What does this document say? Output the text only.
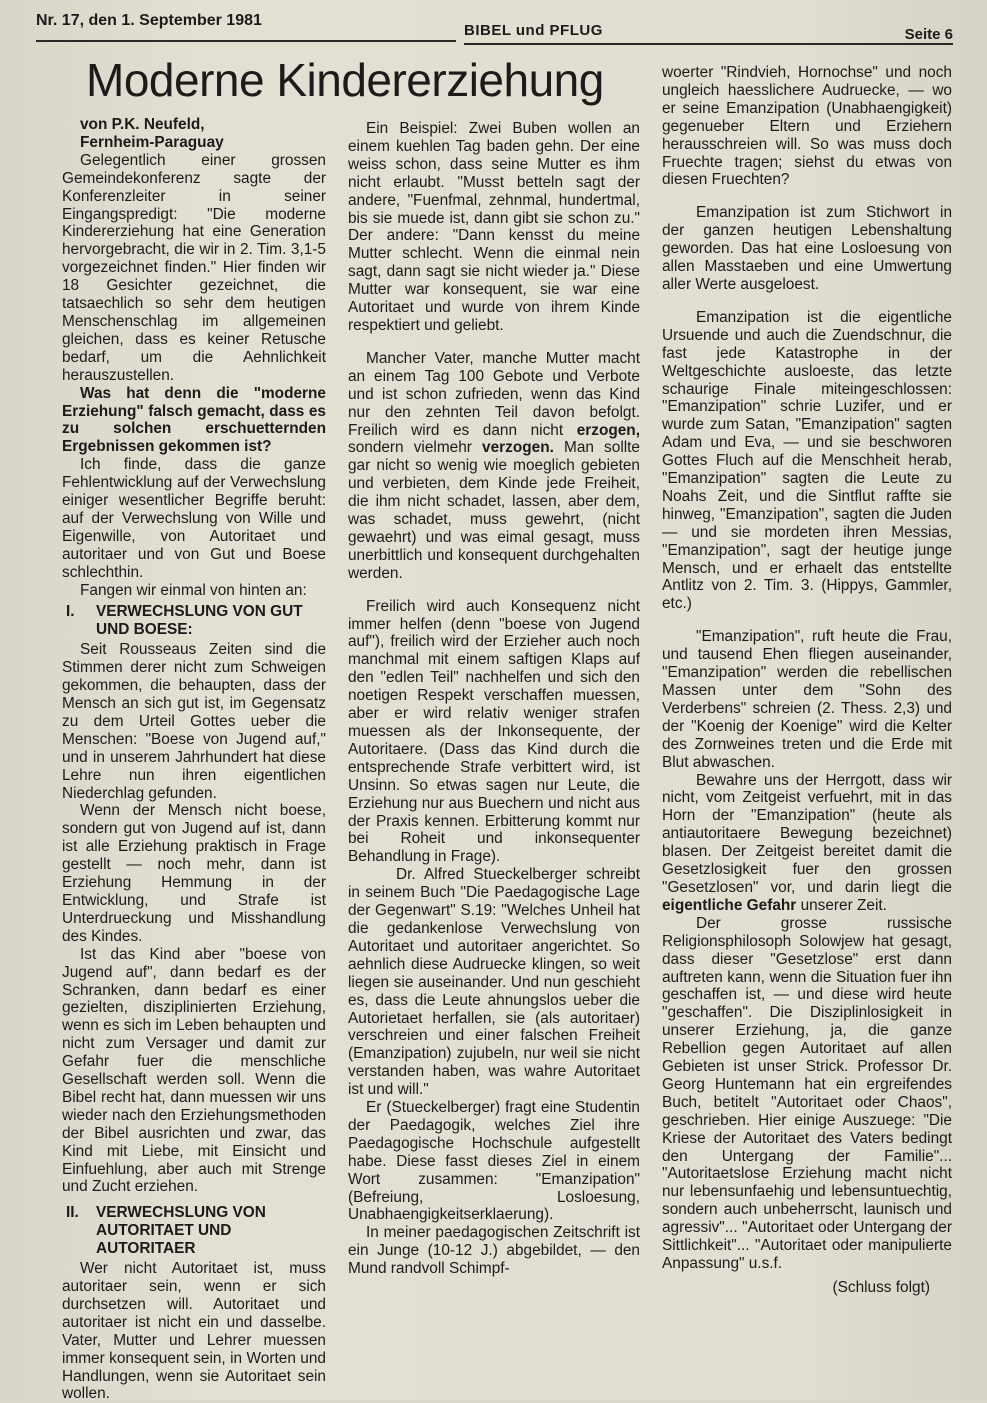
Nr. 17, den 1. September 1981
BIBEL und PFLUG	Seite 6
Moderne Kindererziehung

von P.K. Neufeld,

Fernheim-Paraguay

Gelegentlich einer grossen Gemeindekonferenz sagte der Konferenzleiter in seiner Eingangspredigt: "Die moderne Kindererziehung hat eine Generation hervorgebracht, die wir in 2. Tim. 3,1-5 vorgezeichnet finden." Hier finden wir 18 Gesichter gezeichnet, die tatsaechlich so sehr dem heutigen Menschenschlag im allgemeinen gleichen, dass es keiner Retusche bedarf, um die Aehnlichkeit herauszustellen.

Was hat denn die "moderne Erziehung" falsch gemacht, dass es zu solchen erschuetternden Ergebnissen gekommen ist?

Ich finde, dass die ganze Fehlentwicklung auf der Verwechslung einiger wesentlicher Begriffe beruht: auf der Verwechslung von Wille und Eigenwille, von Autoritaet und autoritaer und von Gut und Boese schlechthin.

Fangen wir einmal von hinten an:

I.	VERWECHSLUNG VON GUT UND BOESE:

Seit Rousseaus Zeiten sind die Stimmen derer nicht zum Schweigen gekommen, die behaupten, dass der Mensch an sich gut ist, im Gegensatz zu dem Urteil Gottes ueber die Menschen: "Boese von Jugend auf," und in unserem Jahrhundert hat diese Lehre nun ihren eigentlichen Niederchlag gefunden.

Wenn der Mensch nicht boese, sondern gut von Jugend auf ist, dann ist alle Erziehung praktisch in Frage gestellt — noch mehr, dann ist Erziehung Hemmung in der Entwicklung, und Strafe ist Unterdrueckung und Misshandlung des Kindes.

Ist das Kind aber "boese von Jugend auf", dann bedarf es der Schranken, dann bedarf es einer gezielten, disziplinierten Erziehung, wenn es sich im Leben behaupten und nicht zum Versager und damit zur Gefahr fuer die menschliche Gesellschaft werden soll. Wenn die Bibel recht hat, dann muessen wir uns wieder nach den Erziehungsmethoden der Bibel ausrichten und zwar, das Kind mit Liebe, mit Einsicht und Einfuehlung, aber auch mit Strenge und Zucht erziehen.

II.	VERWECHSLUNG VON AUTORITAET UND AUTORITAER

Wer nicht Autoritaet ist, muss autoritaer sein, wenn er sich durchsetzen will. Autoritaet und autoritaer ist nicht ein und dasselbe. Vater, Mutter und Lehrer muessen immer konsequent sein, in Worten und Handlungen, wenn sie Autoritaet sein wollen.

Ein Beispiel: Zwei Buben wollen an einem kuehlen Tag baden gehn. Der eine weiss schon, dass seine Mutter es ihm nicht erlaubt. "Musst betteln sagt der andere, "Fuenfmal, zehnmal, hundertmal, bis sie muede ist, dann gibt sie schon zu." Der andere: "Dann kensst du meine Mutter schlecht. Wenn die einmal nein sagt, dann sagt sie nicht wieder ja." Diese Mutter war konsequent, sie war eine Autoritaet und wurde von ihrem Kinde respektiert und geliebt.

Mancher Vater, manche Mutter macht an einem Tag 100 Gebote und Verbote und ist schon zufrieden, wenn das Kind nur den zehnten Teil davon befolgt. Freilich wird es dann nicht erzogen, sondern vielmehr verzogen. Man sollte gar nicht so wenig wie moeglich gebieten und verbieten, dem Kinde jede Freiheit, die ihm nicht schadet, lassen, aber dem, was schadet, muss gewehrt, (nicht gewaehrt) und was eimal gesagt, muss unerbittlich und konsequent durchgehalten werden.

Freilich wird auch Konsequenz nicht immer helfen (denn "boese von Jugend auf"), freilich wird der Erzieher auch noch manchmal mit einem saftigen Klaps auf den "edlen Teil" nachhelfen und sich den noetigen Respekt verschaffen muessen, aber er wird relativ weniger strafen muessen als der Inkonsequente, der Autoritaere. (Dass das Kind durch die entsprechende Strafe verbittert wird, ist Unsinn. So etwas sagen nur Leute, die Erziehung nur aus Buechern und nicht aus der Praxis kennen. Erbitterung kommt nur bei Roheit und inkonsequenter Behandlung in Frage).

Dr. Alfred Stueckelberger schreibt in seinem Buch "Die Paedagogische Lage der Gegenwart" S.19: "Welches Unheil hat die gedankenlose Verwechslung von Autoritaet und autoritaer angerichtet. So aehnlich diese Audruecke klingen, so weit liegen sie auseinander. Und nun geschieht es, dass die Leute ahnungslos ueber die Autorietaet herfallen, sie (als autoritaer) verschreien und einer falschen Freiheit (Emanzipation) zujubeln, nur weil sie nicht verstanden haben, was wahre Autoritaet ist und will."

Er (Stueckelberger) fragt eine Studentin der Paedagogik, welches Ziel ihre Paedagogische Hochschule aufgestellt habe. Diese fasst dieses Ziel in einem Wort zusammen: "Emanzipation" (Befreiung, Losloesung, Unabhaengigkeitserklaerung).

In meiner paedagogischen Zeitschrift ist ein Junge (10-12 J.) abgebildet, — den Mund randvoll Schimpf-

woerter "Rindvieh, Hornochse" und noch ungleich haesslichere Audruecke, — wo er seine Emanzipation (Unabhaengigkeit) gegenueber Eltern und Erziehern herausschreien will. So was muss doch Fruechte tragen; siehst du etwas von diesen Fruechten?

Emanzipation ist zum Stichwort in der ganzen heutigen Lebenshaltung geworden. Das hat eine Losloesung von allen Masstaeben und eine Umwertung aller Werte ausgeloest.

Emanzipation ist die eigentliche Ursuende und auch die Zuendschnur, die fast jede Katastrophe in der Weltgeschichte ausloeste, das letzte schaurige Finale miteingeschlossen: "Emanzipation" schrie Luzifer, und er wurde zum Satan, "Emanzipation" sagten Adam und Eva, — und sie beschworen Gottes Fluch auf die Menschheit herab, "Emanzipation" sagten die Leute zu Noahs Zeit, und die Sintflut raffte sie hinweg, "Emanzipation", sagten die Juden — und sie mordeten ihren Messias, "Emanzipation", sagt der heutige junge Mensch, und er erhaelt das entstellte Antlitz von 2. Tim. 3. (Hippys, Gammler, etc.)

"Emanzipation", ruft heute die Frau, und tausend Ehen fliegen auseinander, "Emanzipation" werden die rebellischen Massen unter dem "Sohn des Verderbens" schreien (2. Thess. 2,3) und der "Koenig der Koenige" wird die Kelter des Zornweines treten und die Erde mit Blut abwaschen.

Bewahre uns der Herrgott, dass wir nicht, vom Zeitgeist verfuehrt, mit in das Horn der "Emanzipation" (heute als antiautoritaere Bewegung bezeichnet) blasen. Der Zeitgeist bereitet damit die Gesetzlosigkeit fuer den grossen "Gesetzlosen" vor, und darin liegt die eigentliche Gefahr unserer Zeit.

Der grosse russische Religionsphilosoph Solowjew hat gesagt, dass dieser "Gesetzlose" erst dann auftreten kann, wenn die Situation fuer ihn geschaffen ist, — und diese wird heute "geschaffen". Die Disziplinlosigkeit in unserer Erziehung, ja, die ganze Rebellion gegen Autoritaet auf allen Gebieten ist unser Strick. Professor Dr. Georg Huntemann hat ein ergreifendes Buch, betitelt "Autoritaet oder Chaos", geschrieben. Hier einige Auszuege: "Die Kriese der Autoritaet des Vaters bedingt den Untergang der Familie"... "Autoritaetslose Erziehung macht nicht nur lebensunfaehig und lebensuntuechtig, sondern auch unbeherrscht, launisch und agressiv"... "Autoritaet oder Untergang der Sittlichkeit"... "Autoritaet oder manipulierte Anpassung" u.s.f.

(Schluss folgt)
